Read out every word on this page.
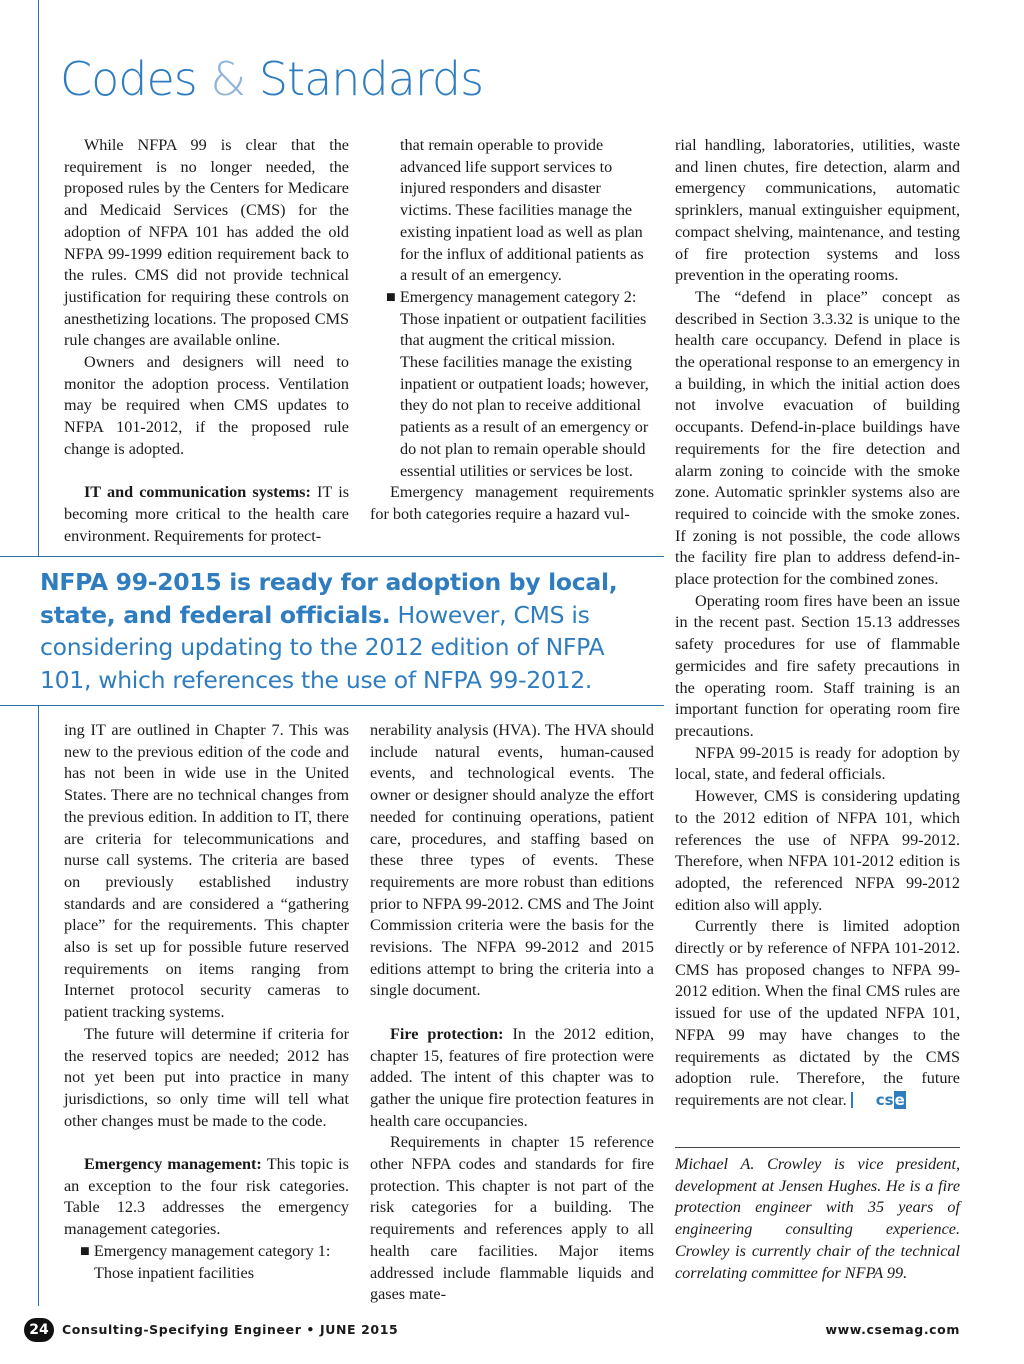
Codes & Standards

While NFPA 99 is clear that the requirement is no longer needed, the proposed rules by the Centers for Medicare and Medicaid Services (CMS) for the adoption of NFPA 101 has added the old NFPA 99-1999 edition requirement back to the rules. CMS did not provide technical justification for requiring these controls on anesthetizing locations. The proposed CMS rule changes are available online.

Owners and designers will need to monitor the adoption process. Ventilation may be required when CMS updates to NFPA 101-2012, if the proposed rule change is adopted.

IT and communication systems: IT is becoming more critical to the health care environment. Requirements for protect-

that remain operable to provide advanced life support services to injured responders and disaster victims. These facilities manage the existing inpatient load as well as plan for the influx of additional patients as a result of an emergency.

■ Emergency management category 2: Those inpatient or outpatient facilities that augment the critical mission. These facilities manage the existing inpatient or outpatient loads; however, they do not plan to receive additional patients as a result of an emergency or do not plan to remain operable should essential utilities or services be lost.

Emergency management requirements for both categories require a hazard vul-

NFPA 99-2015 is ready for adoption by local, state, and federal officials. However, CMS is considering updating to the 2012 edition of NFPA 101, which references the use of NFPA 99-2012.

ing IT are outlined in Chapter 7. This was new to the previous edition of the code and has not been in wide use in the United States. There are no technical changes from the previous edition. In addition to IT, there are criteria for telecommunications and nurse call systems. The criteria are based on previously established industry standards and are considered a “gathering place” for the requirements. This chapter also is set up for possible future reserved requirements on items ranging from Internet protocol security cameras to patient tracking systems.

The future will determine if criteria for the reserved topics are needed; 2012 has not yet been put into practice in many jurisdictions, so only time will tell what other changes must be made to the code.

Emergency management: This topic is an exception to the four risk categories. Table 12.3 addresses the emergency management categories.

■ Emergency management category 1: Those inpatient facilities

nerability analysis (HVA). The HVA should include natural events, human-caused events, and technological events. The owner or designer should analyze the effort needed for continuing operations, patient care, procedures, and staffing based on these three types of events. These requirements are more robust than editions prior to NFPA 99-2012. CMS and The Joint Commission criteria were the basis for the revisions. The NFPA 99-2012 and 2015 editions attempt to bring the criteria into a single document.

Fire protection: In the 2012 edition, chapter 15, features of fire protection were added. The intent of this chapter was to gather the unique fire protection features in health care occupancies.

Requirements in chapter 15 reference other NFPA codes and standards for fire protection. This chapter is not part of the risk categories for a building. The requirements and references apply to all health care facilities. Major items addressed include flammable liquids and gases mate-

rial handling, laboratories, utilities, waste and linen chutes, fire detection, alarm and emergency communications, automatic sprinklers, manual extinguisher equipment, compact shelving, maintenance, and testing of fire protection systems and loss prevention in the operating rooms.

The “defend in place” concept as described in Section 3.3.32 is unique to the health care occupancy. Defend in place is the operational response to an emergency in a building, in which the initial action does not involve evacuation of building occupants. Defend-in-place buildings have requirements for the fire detection and alarm zoning to coincide with the smoke zone. Automatic sprinkler systems also are required to coincide with the smoke zones. If zoning is not possible, the code allows the facility fire plan to address defend-in-place protection for the combined zones.

Operating room fires have been an issue in the recent past. Section 15.13 addresses safety procedures for use of flammable germicides and fire safety precautions in the operating room. Staff training is an important function for operating room fire precautions.

NFPA 99-2015 is ready for adoption by local, state, and federal officials.

However, CMS is considering updating to the 2012 edition of NFPA 101, which references the use of NFPA 99-2012. Therefore, when NFPA 101-2012 edition is adopted, the referenced NFPA 99-2012 edition also will apply.

Currently there is limited adoption directly or by reference of NFPA 101-2012. CMS has proposed changes to NFPA 99-2012 edition. When the final CMS rules are issued for use of the updated NFPA 101, NFPA 99 may have changes to the requirements as dictated by the CMS adoption rule. Therefore, the future requirements are not clear. cse

Michael A. Crowley is vice president, development at Jensen Hughes. He is a fire protection engineer with 35 years of engineering consulting experience. Crowley is currently chair of the technical correlating committee for NFPA 99.

24	Consulting-Specifying Engineer • JUNE 2015	www.csemag.com
